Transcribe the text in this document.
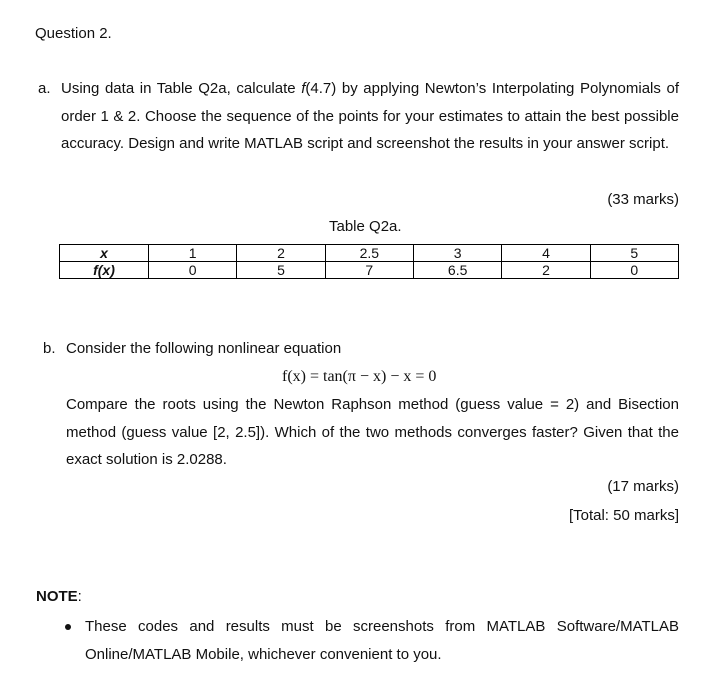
Question 2.
a. Using data in Table Q2a, calculate f(4.7) by applying Newton’s Interpolating Polynomials of order 1 & 2. Choose the sequence of the points for your estimates to attain the best possible accuracy. Design and write MATLAB script and screenshot the results in your answer script.
(33 marks)
Table Q2a.
x	1	2	2.5	3	4	5
f(x)	0	5	7	6.5	2	0
b. Consider the following nonlinear equation
f(x) = tan(π − x) − x = 0
Compare the roots using the Newton Raphson method (guess value = 2) and Bisection method (guess value [2, 2.5]). Which of the two methods converges faster? Given that the exact solution is 2.0288.
(17 marks)
[Total: 50 marks]
NOTE:
These codes and results must be screenshots from MATLAB Software/MATLAB Online/MATLAB Mobile, whichever convenient to you.
